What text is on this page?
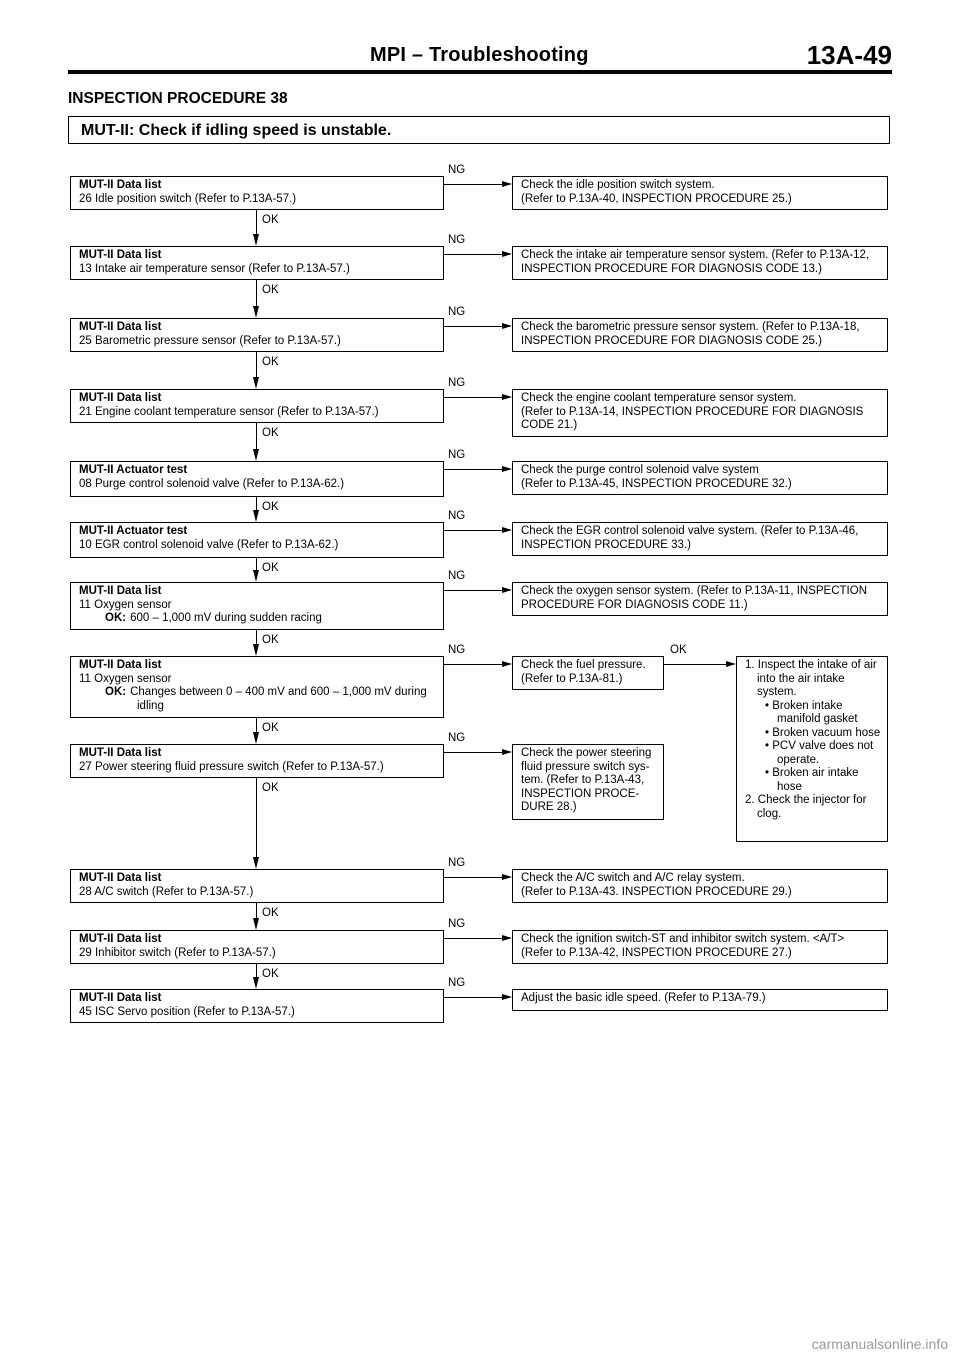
MPI – Troubleshooting	13A-49
INSPECTION PROCEDURE 38
MUT-II: Check if idling speed is unstable.
MUT-II Data list
26 Idle position switch (Refer to P.13A-57.)
Check the idle position switch system.
(Refer to P.13A-40, INSPECTION PROCEDURE 25.)
NG
OK
MUT-II Data list
13 Intake air temperature sensor (Refer to P.13A-57.)
Check the intake air temperature sensor system. (Refer to P.13A-12, INSPECTION PROCEDURE FOR DIAGNOSIS CODE 13.)
NG
OK
MUT-II Data list
25 Barometric pressure sensor (Refer to P.13A-57.)
Check the barometric pressure sensor system. (Refer to P.13A-18, INSPECTION PROCEDURE FOR DIAGNOSIS CODE 25.)
NG
OK
MUT-II Data list
21 Engine coolant temperature sensor (Refer to P.13A-57.)
Check the engine coolant temperature sensor system.
(Refer to P.13A-14, INSPECTION PROCEDURE FOR DIAGNOSIS CODE 21.)
NG
OK
MUT-II Actuator test
08 Purge control solenoid valve (Refer to P.13A-62.)
Check the purge control solenoid valve system
(Refer to P.13A-45, INSPECTION PROCEDURE 32.)
NG
OK
MUT-II Actuator test
10 EGR control solenoid valve (Refer to P.13A-62.)
Check the EGR control solenoid valve system. (Refer to P.13A-46, INSPECTION PROCEDURE 33.)
NG
OK
MUT-II Data list
11 Oxygen sensor
OK: 600 – 1,000 mV during sudden racing
Check the oxygen sensor system. (Refer to P.13A-11, INSPECTION PROCEDURE FOR DIAGNOSIS CODE 11.)
NG
OK
MUT-II Data list
11 Oxygen sensor
OK: Changes between 0 – 400 mV and 600 – 1,000 mV during
idling
Check the fuel pressure.
(Refer to P.13A-81.)
NG
OK
MUT-II Data list
27 Power steering fluid pressure switch (Refer to P.13A-57.)
Check the power steering fluid pressure switch sys-tem. (Refer to P.13A-43, INSPECTION PROCE-DURE 28.)
NG
OK
MUT-II Data list
28 A/C switch (Refer to P.13A-57.)
Check the A/C switch and A/C relay system.
(Refer to P.13A-43. INSPECTION PROCEDURE 29.)
NG
OK
MUT-II Data list
29 Inhibitor switch (Refer to P.13A-57.)
Check the ignition switch-ST and inhibitor switch system. <A/T>
(Refer to P.13A-42, INSPECTION PROCEDURE 27.)
NG
OK
MUT-II Data list
45 ISC Servo position (Refer to P.13A-57.)
Adjust the basic idle speed. (Refer to P.13A-79.)
NG
OK
1. Inspect the intake of air into the air intake system.
• Broken intake manifold gasket
• Broken vacuum hose
• PCV valve does not operate.
• Broken air intake hose
2. Check the injector for clog.
carmanualsonline.info
